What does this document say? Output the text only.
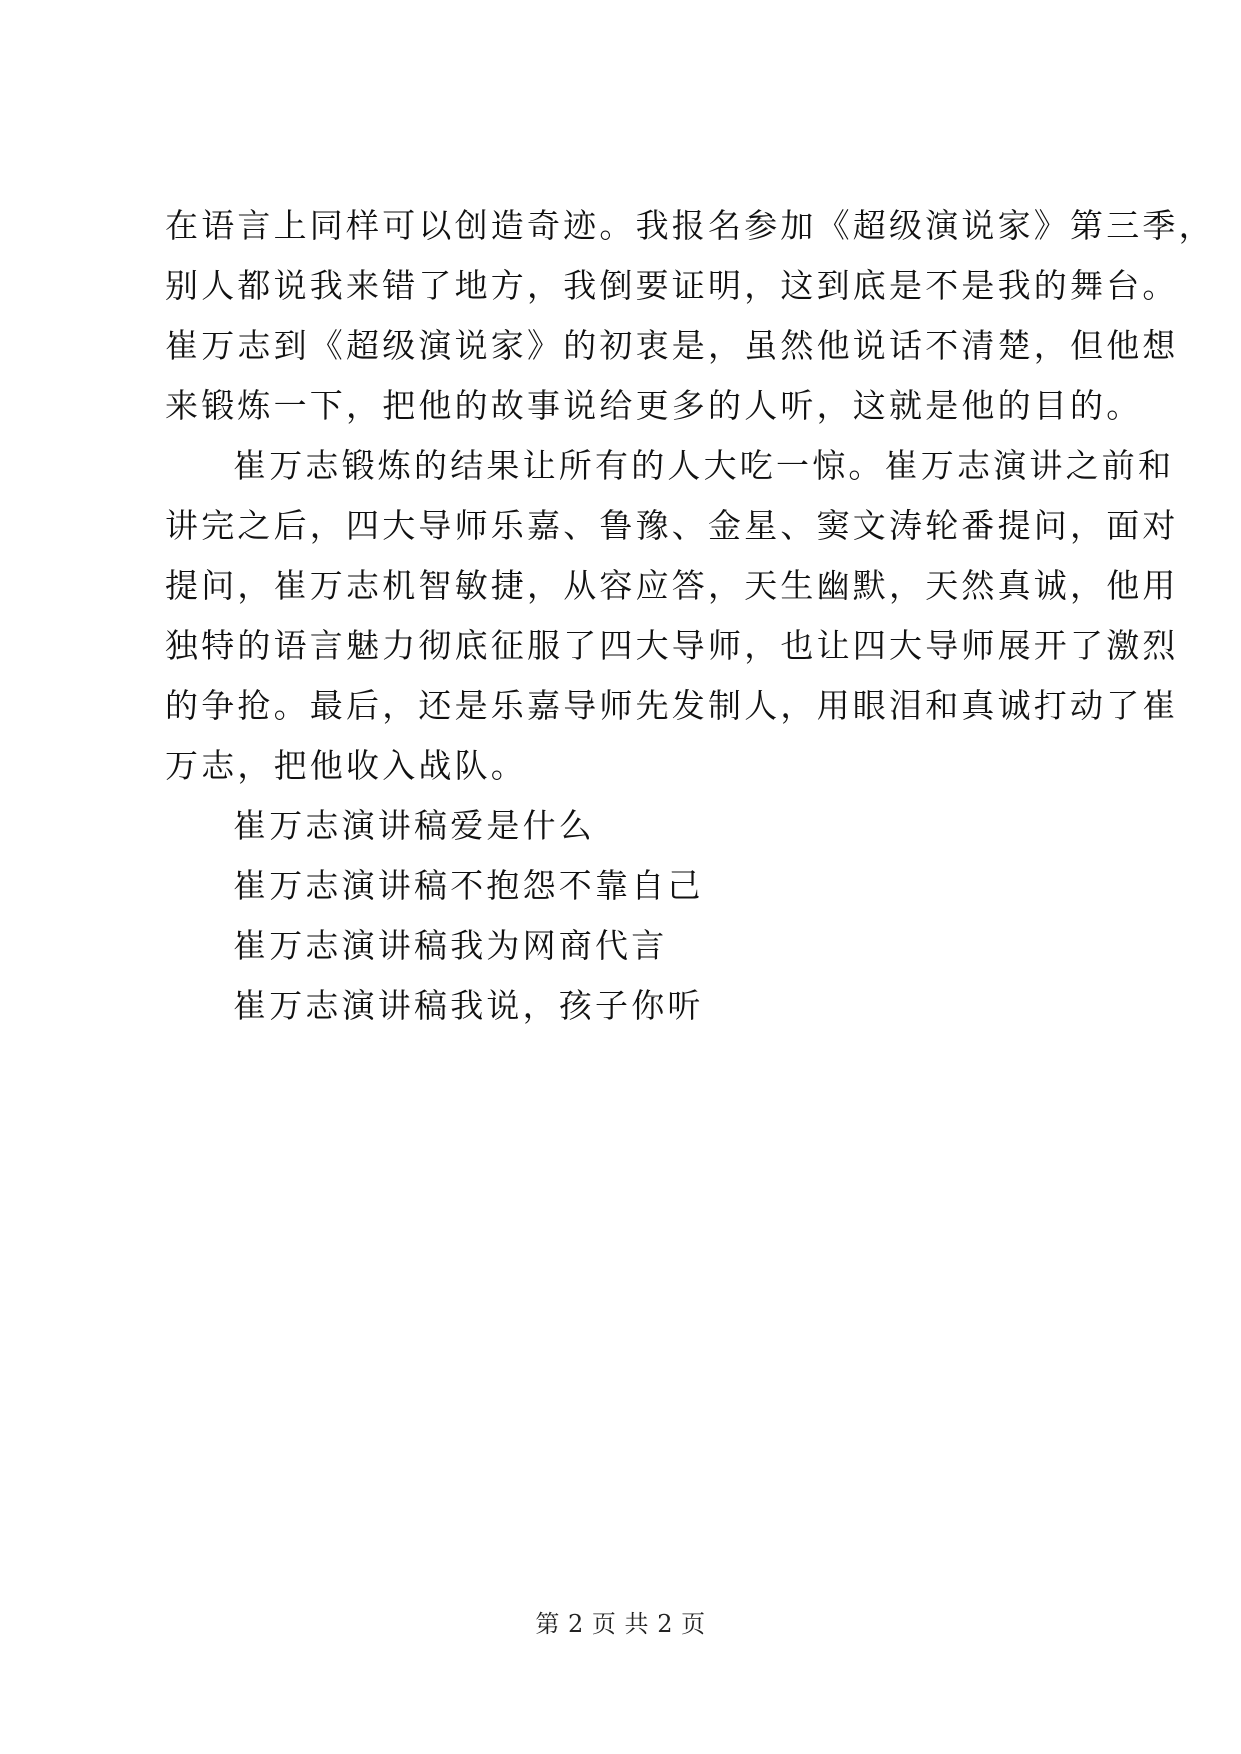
在语言上同样可以创造奇迹。我报名参加《超级演说家》第三季，
别人都说我来错了地方，我倒要证明，这到底是不是我的舞台。
崔万志到《超级演说家》的初衷是，虽然他说话不清楚，但他想
来锻炼一下，把他的故事说给更多的人听，这就是他的目的。
崔万志锻炼的结果让所有的人大吃一惊。崔万志演讲之前和
讲完之后，四大导师乐嘉、鲁豫、金星、窦文涛轮番提问，面对
提问，崔万志机智敏捷，从容应答，天生幽默，天然真诚，他用
独特的语言魅力彻底征服了四大导师，也让四大导师展开了激烈
的争抢。最后，还是乐嘉导师先发制人，用眼泪和真诚打动了崔
万志，把他收入战队。
崔万志演讲稿爱是什么
崔万志演讲稿不抱怨不靠自己
崔万志演讲稿我为网商代言
崔万志演讲稿我说，孩子你听
第 2 页 共 2 页
